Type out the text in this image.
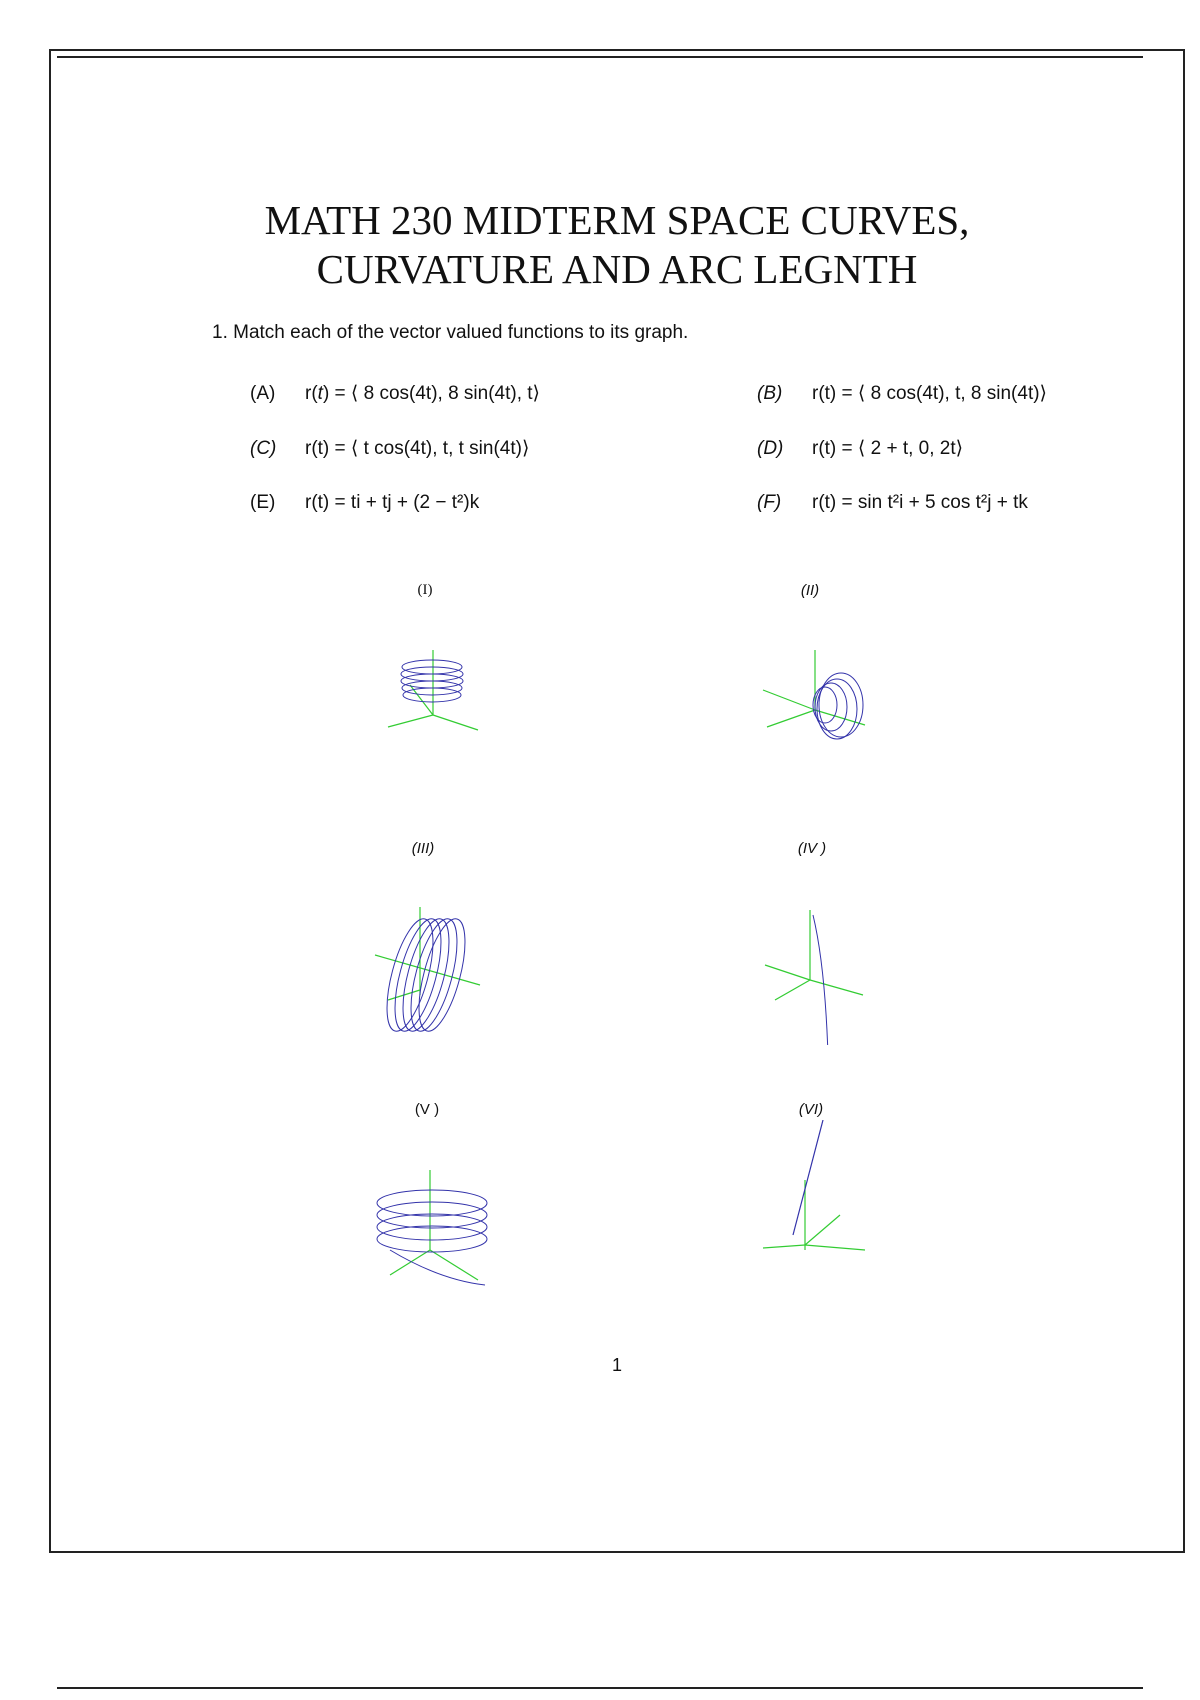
MATH 230 MIDTERM SPACE CURVES,
CURVATURE AND ARC LEGNTH
1. Match each of the vector valued functions to its graph.
(A) r(t) = ⟨ 8 cos(4t), 8 sin(4t), t⟩	(B) r(t) = ⟨ 8 cos(4t), t, 8 sin(4t)⟩
(C) r(t) = ⟨ t cos(4t), t, t sin(4t)⟩	(D) r(t) = ⟨ 2 + t, 0, 2t⟩
(E) r(t) = ti + tj + (2 − t²)k	(F) r(t) = sin t²i + 5 cos t²j + tk
(I)	(II)
(III)	(IV )
(V )	(VI)
1
